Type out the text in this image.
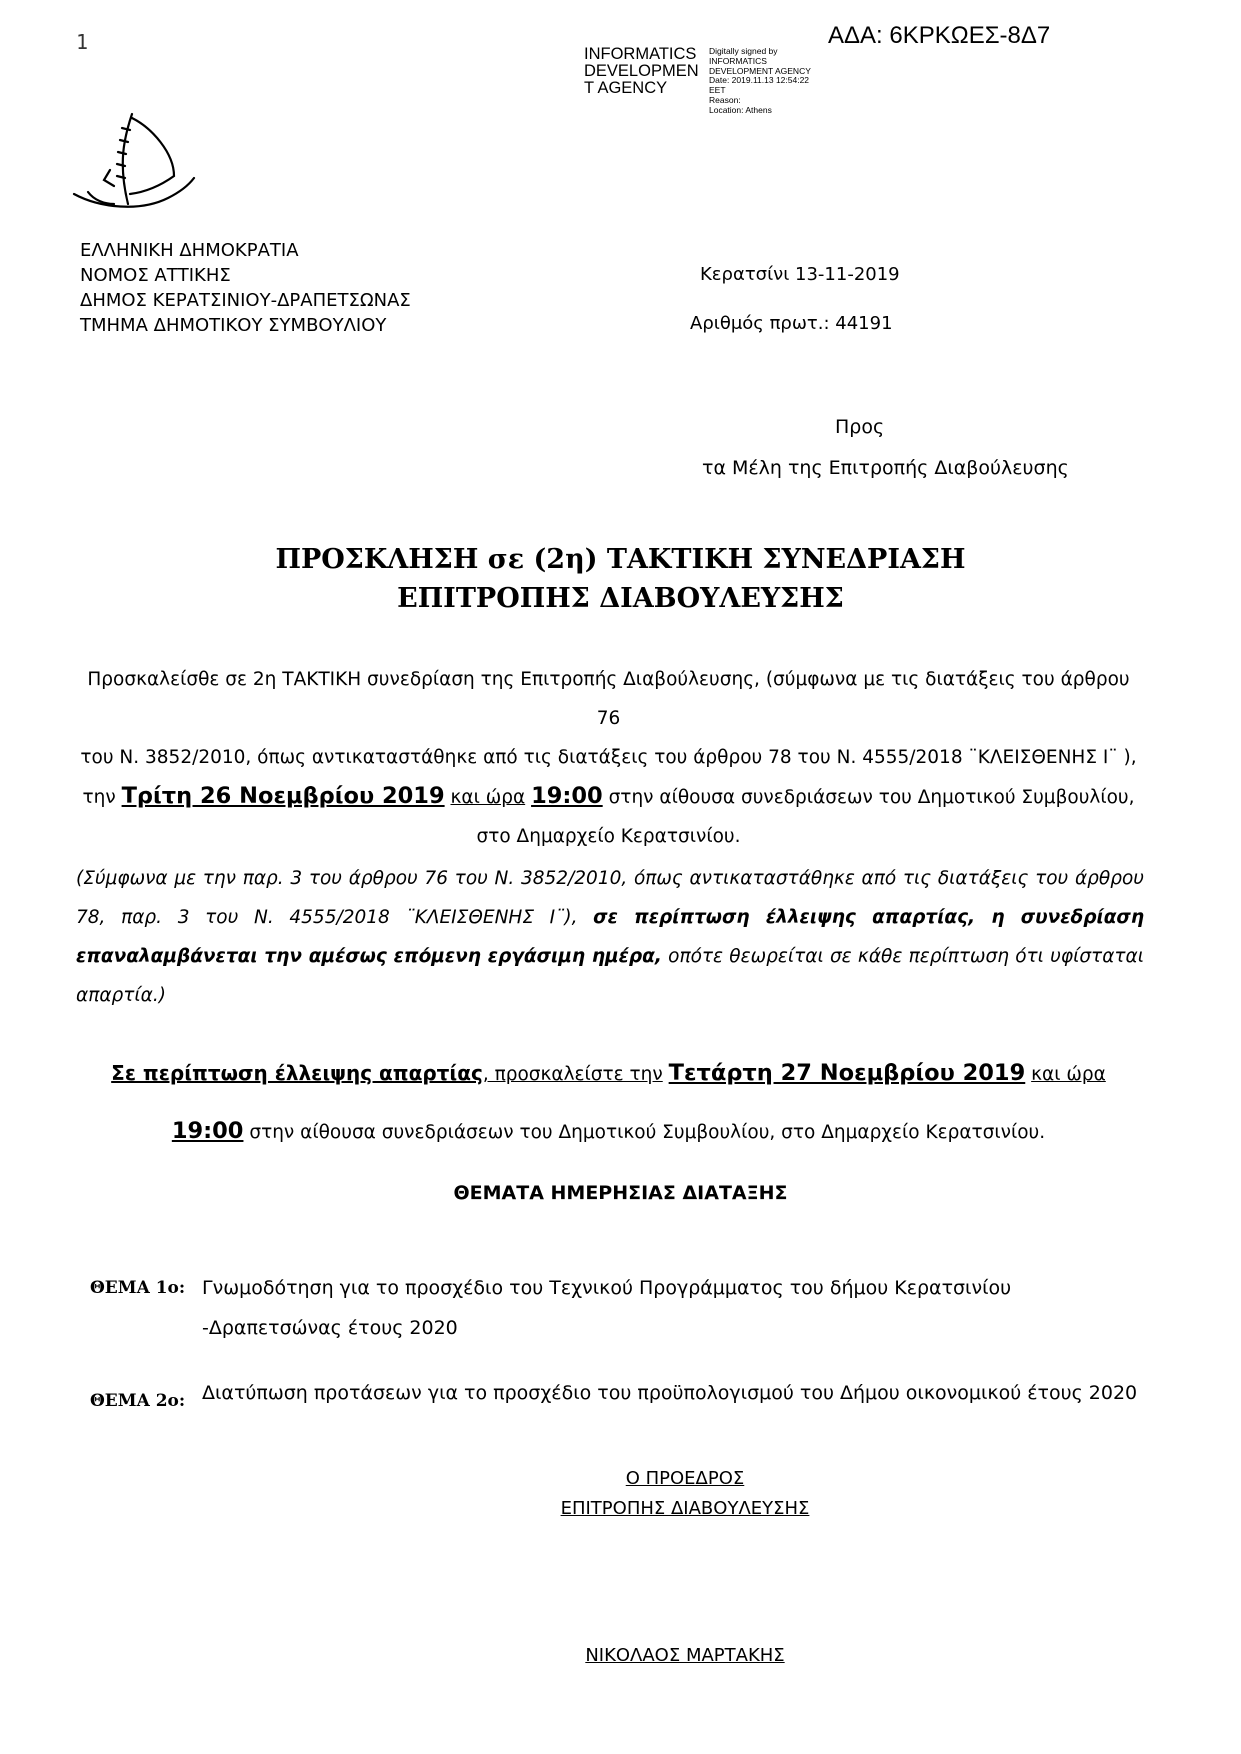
1	ΑΔΑ: 6ΚΡΚΩΕΣ-8Δ7
INFORMATICS
DEVELOPMEN
T AGENCY
Digitally signed by
INFORMATICS
DEVELOPMENT AGENCY
Date: 2019.11.13 12:54:22
EET
Reason:
Location: Athens
ΕΛΛΗΝΙΚΗ ΔΗΜΟΚΡΑΤΙΑ
ΝΟΜΟΣ ΑΤΤΙΚΗΣ
ΔΗΜΟΣ ΚΕΡΑΤΣΙΝΙΟΥ-ΔΡΑΠΕΤΣΩΝΑΣ
ΤΜΗΜΑ ΔΗΜΟΤΙΚΟΥ ΣΥΜΒΟΥΛΙΟΥ
Κερατσίνι 13-11-2019
Αριθμός πρωτ.: 44191
Προς
τα Μέλη της Επιτροπής Διαβούλευσης
ΠΡΟΣΚΛΗΣΗ σε (2η) ΤΑΚΤΙΚΗ ΣΥΝΕΔΡΙΑΣΗ
ΕΠΙΤΡΟΠΗΣ ΔΙΑΒΟΥΛΕΥΣΗΣ
Προσκαλείσθε σε 2η ΤΑΚΤΙΚΗ συνεδρίαση της Επιτροπής Διαβούλευσης, (σύμφωνα με τις διατάξεις του άρθρου 76
του Ν. 3852/2010, όπως αντικαταστάθηκε από τις διατάξεις του άρθρου 78 του Ν. 4555/2018 ¨ΚΛΕΙΣΘΕΝΗΣ Ι¨ ),
την Τρίτη 26 Νοεμβρίου 2019 και ώρα 19:00 στην αίθουσα συνεδριάσεων του Δημοτικού Συμβουλίου,
στο Δημαρχείο Κερατσινίου.
(Σύμφωνα με την παρ. 3 του άρθρου 76 του Ν. 3852/2010, όπως αντικαταστάθηκε από τις διατάξεις του άρθρου 78, παρ. 3 του Ν. 4555/2018 ¨ΚΛΕΙΣΘΕΝΗΣ Ι¨), σε περίπτωση έλλειψης απαρτίας, η συνεδρίαση επαναλαμβάνεται την αμέσως επόμενη εργάσιμη ημέρα, οπότε θεωρείται σε κάθε περίπτωση ότι υφίσταται απαρτία.)
Σε περίπτωση έλλειψης απαρτίας, προσκαλείστε την Τετάρτη 27 Νοεμβρίου 2019 και ώρα
19:00 στην αίθουσα συνεδριάσεων του Δημοτικού Συμβουλίου, στο Δημαρχείο Κερατσινίου.
ΘΕΜΑΤΑ ΗΜΕΡΗΣΙΑΣ ΔΙΑΤΑΞΗΣ
ΘΕΜΑ 1ο: Γνωμοδότηση για το προσχέδιο του Τεχνικού Προγράμματος του δήμου Κερατσινίου -Δραπετσώνας έτους 2020
ΘΕΜΑ 2ο: Διατύπωση προτάσεων για το προσχέδιο του προϋπολογισμού του Δήμου οικονομικού έτους 2020
Ο ΠΡΟΕΔΡΟΣ
ΕΠΙΤΡΟΠΗΣ ΔΙΑΒΟΥΛΕΥΣΗΣ
ΝΙΚΟΛΑΟΣ ΜΑΡΤΑΚΗΣ
